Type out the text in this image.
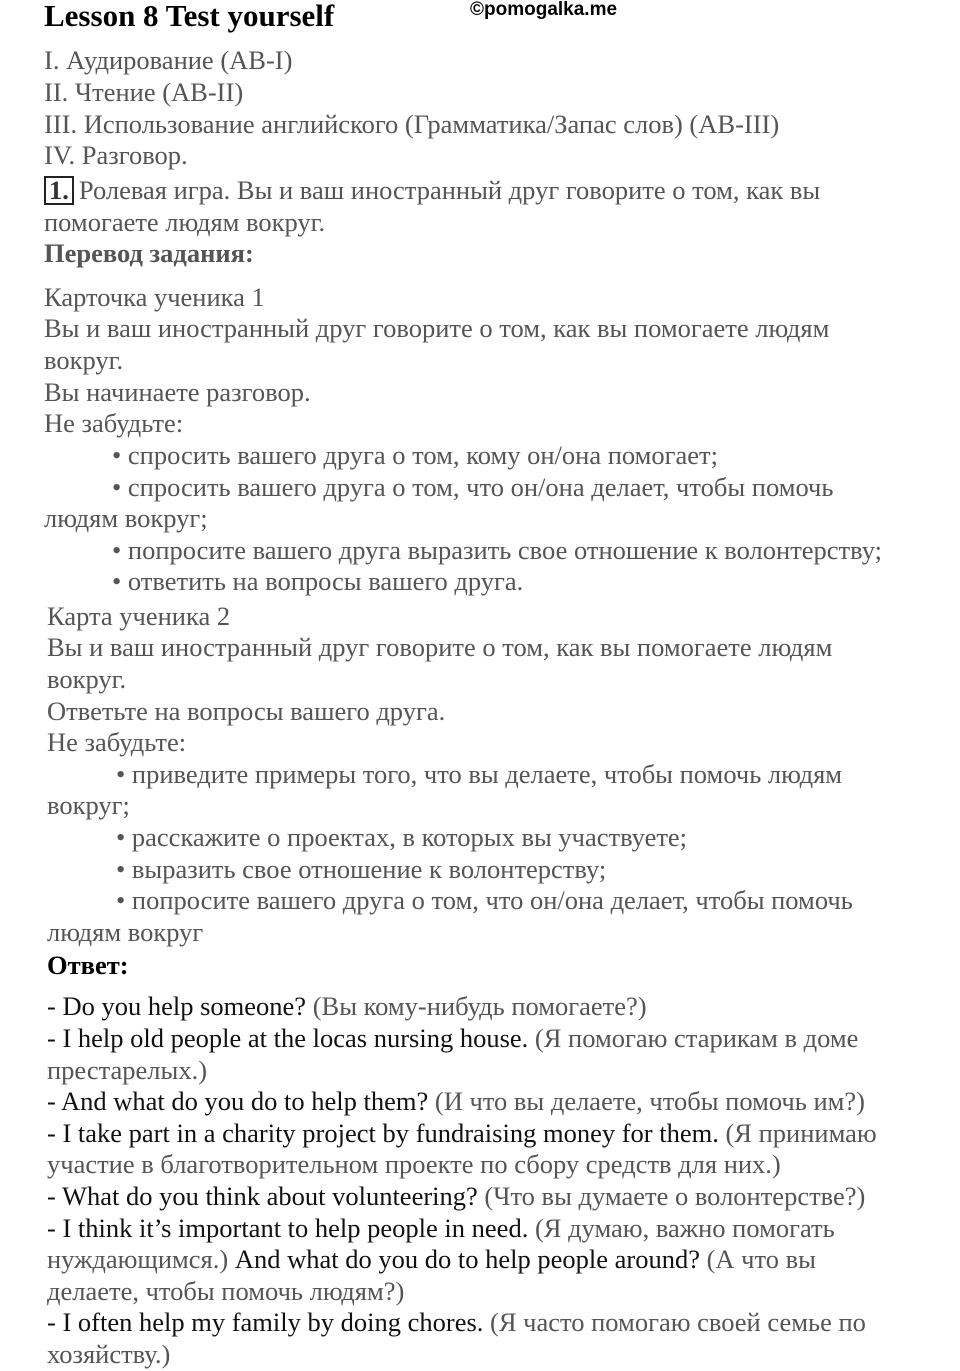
Lesson 8 Test yourself	©pomogalka.me
I. Аудирование (AB-I)
II. Чтение (AB-II)
III. Использование английского (Грамматика/Запас слов) (AB-III)
IV. Разговор.
1. Ролевая игра. Вы и ваш иностранный друг говорите о том, как вы
помогаете людям вокруг.
Перевод задания:
Карточка ученика 1
Вы и ваш иностранный друг говорите о том, как вы помогаете людям
вокруг.
Вы начинаете разговор.
Не забудьте:
• спросить вашего друга о том, кому он/она помогает;
• спросить вашего друга о том, что он/она делает, чтобы помочь
людям вокруг;
• попросите вашего друга выразить свое отношение к волонтерству;
• ответить на вопросы вашего друга.
Карта ученика 2
Вы и ваш иностранный друг говорите о том, как вы помогаете людям
вокруг.
Ответьте на вопросы вашего друга.
Не забудьте:
• приведите примеры того, что вы делаете, чтобы помочь людям
вокруг;
• расскажите о проектах, в которых вы участвуете;
• выразить свое отношение к волонтерству;
• попросите вашего друга о том, что он/она делает, чтобы помочь
людям вокруг
Ответ:
- Do you help someone? (Вы кому-нибудь помогаете?)
- I help old people at the locas nursing house. (Я помогаю старикам в доме
престарелых.)
- And what do you do to help them? (И что вы делаете, чтобы помочь им?)
- I take part in a charity project by fundraising money for them. (Я принимаю
участие в благотворительном проекте по сбору средств для них.)
- What do you think about volunteering? (Что вы думаете о волонтерстве?)
- I think it’s important to help people in need. (Я думаю, важно помогать
нуждающимся.) And what do you do to help people around? (А что вы
делаете, чтобы помочь людям?)
- I often help my family by doing chores. (Я часто помогаю своей семье по
хозяйству.)
